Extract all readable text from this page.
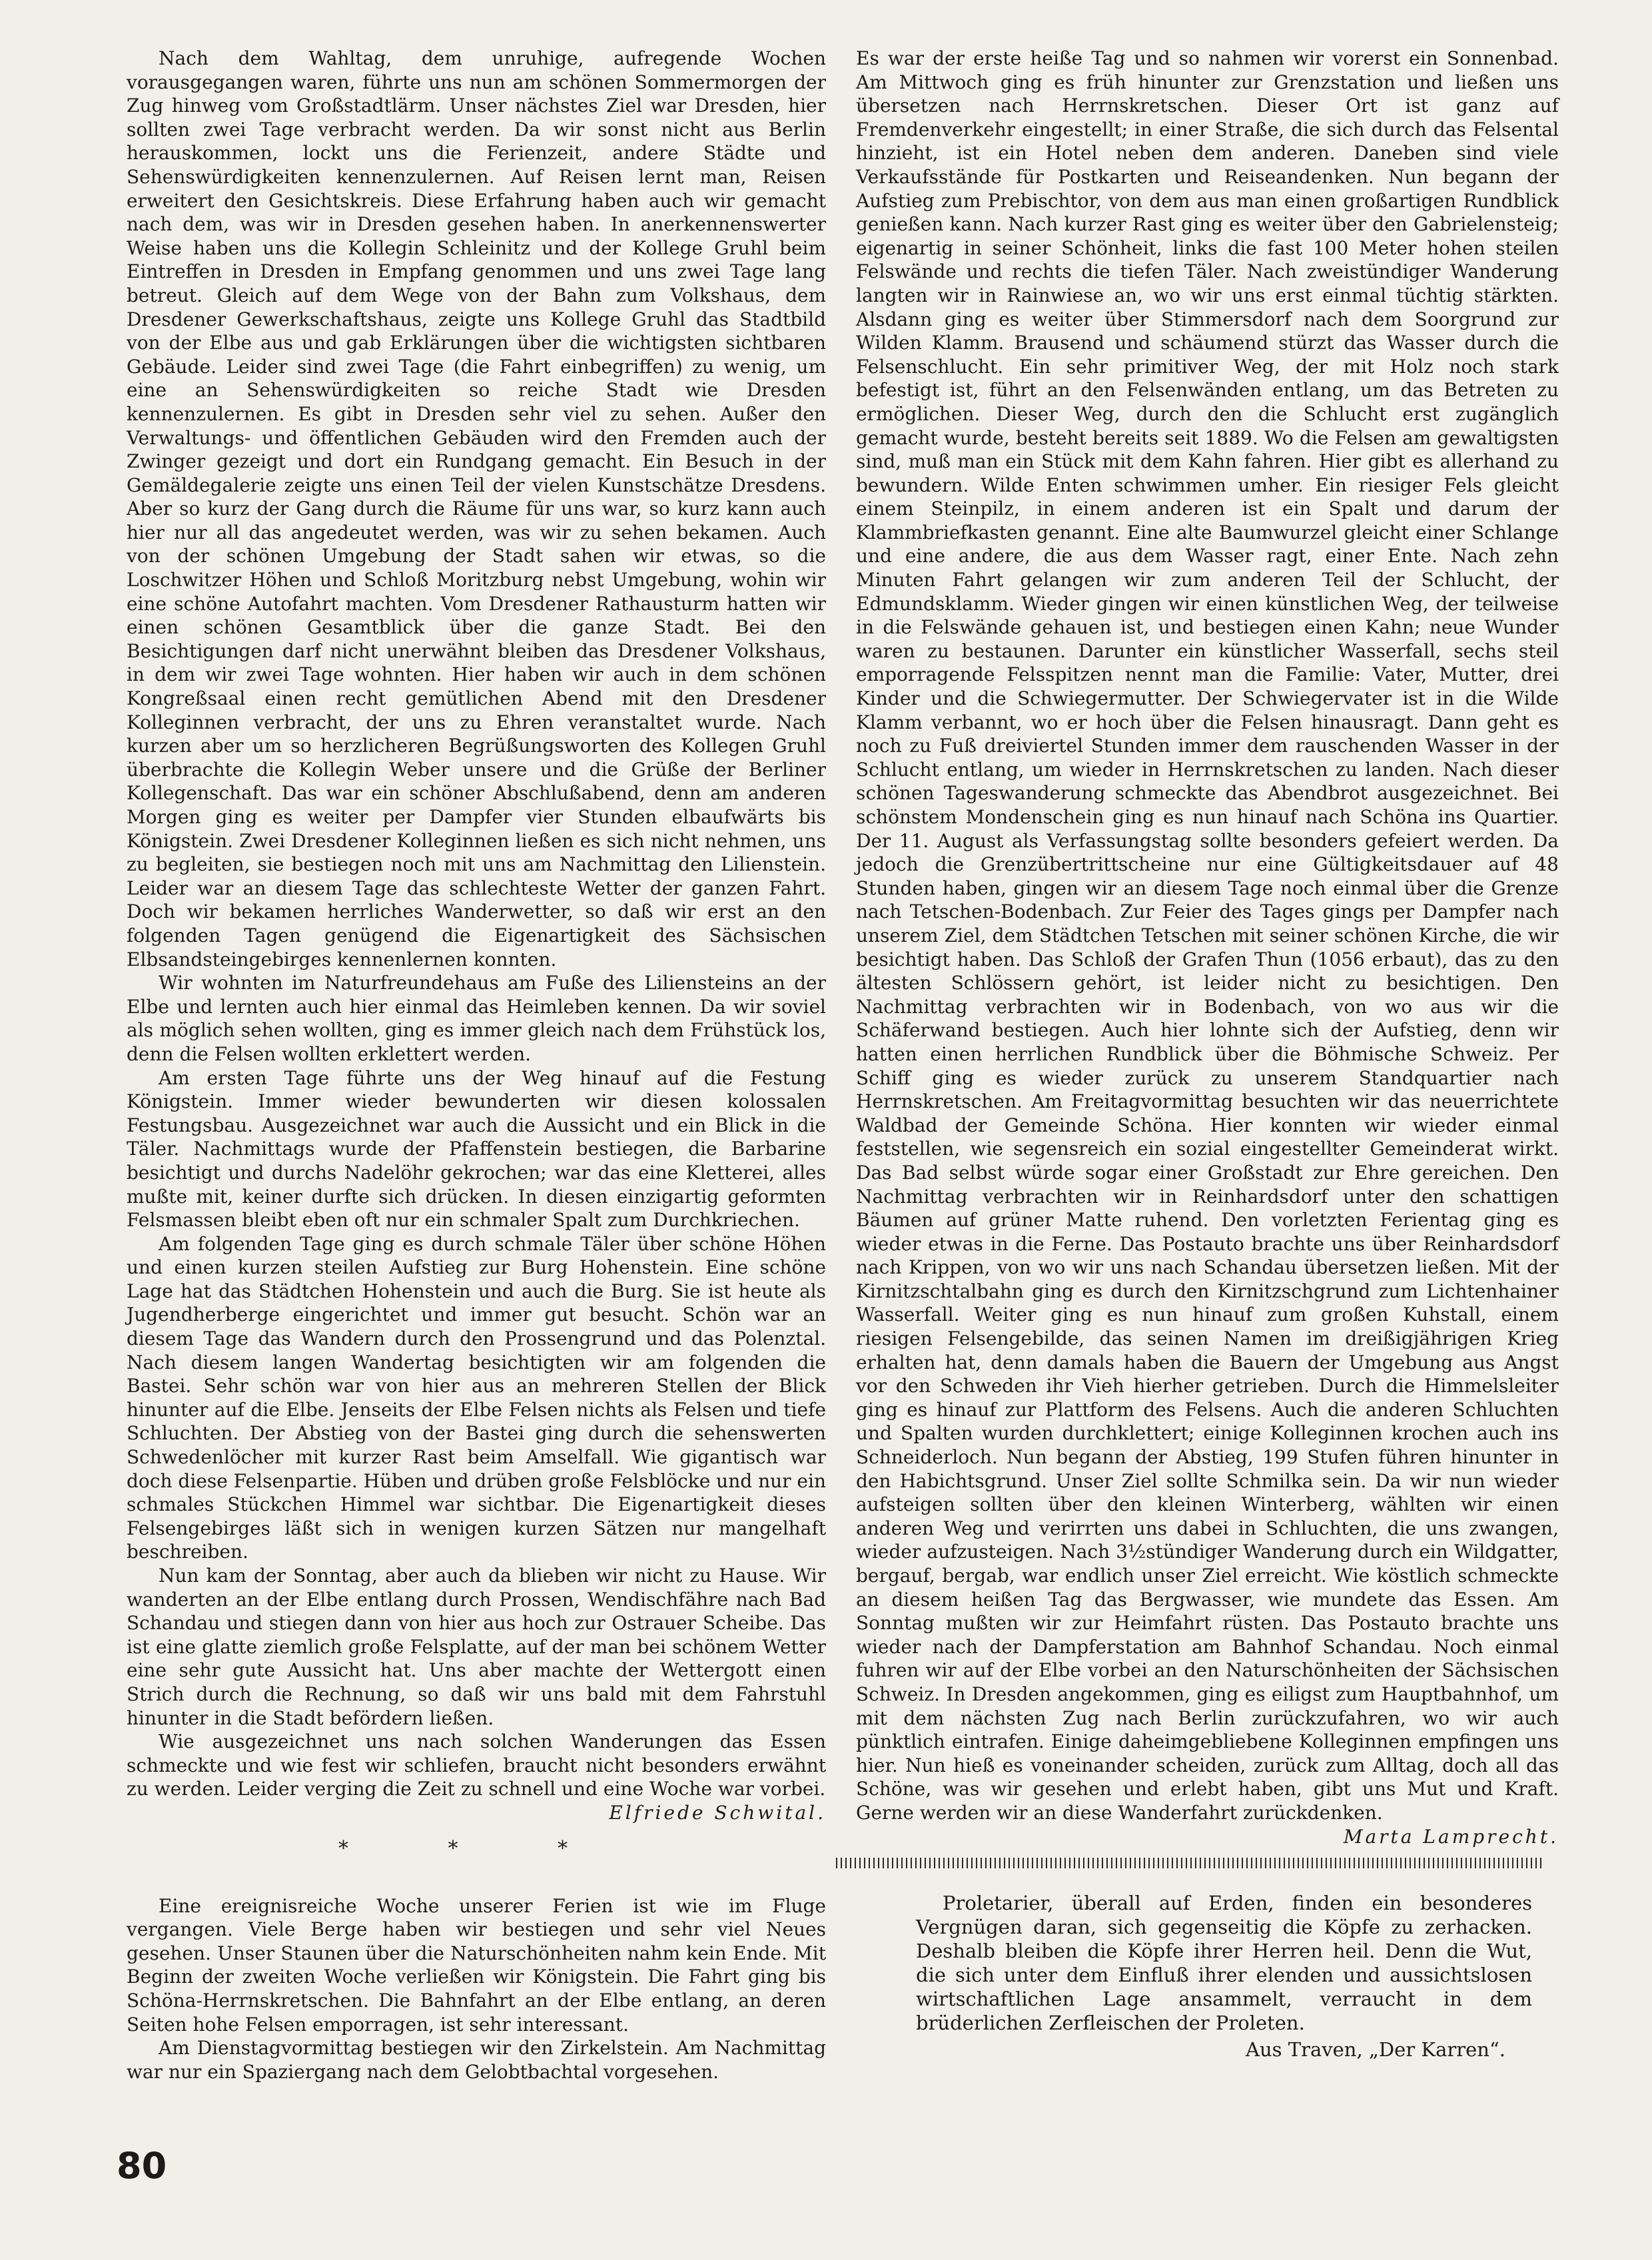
Nach dem Wahltag, dem unruhige, aufregende Wochen vorausgegangen waren, führte uns nun am schönen Sommermorgen der Zug hinweg vom Großstadtlärm. Unser nächstes Ziel war Dresden, hier sollten zwei Tage verbracht werden. Da wir sonst nicht aus Berlin herauskommen, lockt uns die Ferienzeit, andere Städte und Sehenswürdigkeiten kennenzulernen. Auf Reisen lernt man, Reisen erweitert den Gesichtskreis. Diese Erfahrung haben auch wir gemacht nach dem, was wir in Dresden gesehen haben. In anerkennenswerter Weise haben uns die Kollegin Schleinitz und der Kollege Gruhl beim Eintreffen in Dresden in Empfang genommen und uns zwei Tage lang betreut. Gleich auf dem Wege von der Bahn zum Volkshaus, dem Dresdener Gewerkschaftshaus, zeigte uns Kollege Gruhl das Stadtbild von der Elbe aus und gab Erklärungen über die wichtigsten sichtbaren Gebäude. Leider sind zwei Tage (die Fahrt einbegriffen) zu wenig, um eine an Sehenswürdigkeiten so reiche Stadt wie Dresden kennenzulernen. Es gibt in Dresden sehr viel zu sehen. Außer den Verwaltungs- und öffentlichen Gebäuden wird den Fremden auch der Zwinger gezeigt und dort ein Rundgang gemacht. Ein Besuch in der Gemäldegalerie zeigte uns einen Teil der vielen Kunstschätze Dresdens. Aber so kurz der Gang durch die Räume für uns war, so kurz kann auch hier nur all das angedeutet werden, was wir zu sehen bekamen. Auch von der schönen Umgebung der Stadt sahen wir etwas, so die Loschwitzer Höhen und Schloß Moritzburg nebst Umgebung, wohin wir eine schöne Autofahrt machten. Vom Dresdener Rathausturm hatten wir einen schönen Gesamtblick über die ganze Stadt. Bei den Besichtigungen darf nicht unerwähnt bleiben das Dresdener Volkshaus, in dem wir zwei Tage wohnten. Hier haben wir auch in dem schönen Kongreßsaal einen recht gemütlichen Abend mit den Dresdener Kolleginnen verbracht, der uns zu Ehren veranstaltet wurde. Nach kurzen aber um so herzlicheren Begrüßungsworten des Kollegen Gruhl überbrachte die Kollegin Weber unsere und die Grüße der Berliner Kollegenschaft. Das war ein schöner Abschlußabend, denn am anderen Morgen ging es weiter per Dampfer vier Stunden elbaufwärts bis Königstein. Zwei Dresdener Kolleginnen ließen es sich nicht nehmen, uns zu begleiten, sie bestiegen noch mit uns am Nachmittag den Lilienstein. Leider war an diesem Tage das schlechteste Wetter der ganzen Fahrt. Doch wir bekamen herrliches Wanderwetter, so daß wir erst an den folgenden Tagen genügend die Eigenartigkeit des Sächsischen Elbsandsteingebirges kennenlernen konnten.

Wir wohnten im Naturfreundehaus am Fuße des Liliensteins an der Elbe und lernten auch hier einmal das Heimleben kennen. Da wir soviel als möglich sehen wollten, ging es immer gleich nach dem Frühstück los, denn die Felsen wollten erklettert werden.

Am ersten Tage führte uns der Weg hinauf auf die Festung Königstein. Immer wieder bewunderten wir diesen kolossalen Festungsbau. Ausgezeichnet war auch die Aussicht und ein Blick in die Täler. Nachmittags wurde der Pfaffenstein bestiegen, die Barbarine besichtigt und durchs Nadelöhr gekrochen; war das eine Kletterei, alles mußte mit, keiner durfte sich drücken. In diesen einzigartig geformten Felsmassen bleibt eben oft nur ein schmaler Spalt zum Durchkriechen.

Am folgenden Tage ging es durch schmale Täler über schöne Höhen und einen kurzen steilen Aufstieg zur Burg Hohenstein. Eine schöne Lage hat das Städtchen Hohenstein und auch die Burg. Sie ist heute als Jugendherberge eingerichtet und immer gut besucht. Schön war an diesem Tage das Wandern durch den Prossengrund und das Polenztal. Nach diesem langen Wandertag besichtigten wir am folgenden die Bastei. Sehr schön war von hier aus an mehreren Stellen der Blick hinunter auf die Elbe. Jenseits der Elbe Felsen nichts als Felsen und tiefe Schluchten. Der Abstieg von der Bastei ging durch die sehenswerten Schwedenlöcher mit kurzer Rast beim Amselfall. Wie gigantisch war doch diese Felsenpartie. Hüben und drüben große Felsblöcke und nur ein schmales Stückchen Himmel war sichtbar. Die Eigenartigkeit dieses Felsengebirges läßt sich in wenigen kurzen Sätzen nur mangelhaft beschreiben.

Nun kam der Sonntag, aber auch da blieben wir nicht zu Hause. Wir wanderten an der Elbe entlang durch Prossen, Wendischfähre nach Bad Schandau und stiegen dann von hier aus hoch zur Ostrauer Scheibe. Das ist eine glatte ziemlich große Felsplatte, auf der man bei schönem Wetter eine sehr gute Aussicht hat. Uns aber machte der Wettergott einen Strich durch die Rechnung, so daß wir uns bald mit dem Fahrstuhl hinunter in die Stadt befördern ließen.

Wie ausgezeichnet uns nach solchen Wanderungen das Essen schmeckte und wie fest wir schliefen, braucht nicht besonders erwähnt zu werden. Leider verging die Zeit zu schnell und eine Woche war vorbei.

Elfriede Schwital.
* * *

Eine ereignisreiche Woche unserer Ferien ist wie im Fluge vergangen. Viele Berge haben wir bestiegen und sehr viel Neues gesehen. Unser Staunen über die Naturschönheiten nahm kein Ende. Mit Beginn der zweiten Woche verließen wir Königstein. Die Fahrt ging bis Schöna-Herrnskretschen. Die Bahnfahrt an der Elbe entlang, an deren Seiten hohe Felsen emporragen, ist sehr interessant.

Am Dienstagvormittag bestiegen wir den Zirkelstein. Am Nachmittag war nur ein Spaziergang nach dem Gelobtbachtal vorgesehen.

Es war der erste heiße Tag und so nahmen wir vorerst ein Sonnenbad. Am Mittwoch ging es früh hinunter zur Grenzstation und ließen uns übersetzen nach Herrnskretschen. Dieser Ort ist ganz auf Fremdenverkehr eingestellt; in einer Straße, die sich durch das Felsental hinzieht, ist ein Hotel neben dem anderen. Daneben sind viele Verkaufsstände für Postkarten und Reiseandenken. Nun begann der Aufstieg zum Prebischtor, von dem aus man einen großartigen Rundblick genießen kann. Nach kurzer Rast ging es weiter über den Gabrielensteig; eigenartig in seiner Schönheit, links die fast 100 Meter hohen steilen Felswände und rechts die tiefen Täler. Nach zweistündiger Wanderung langten wir in Rainwiese an, wo wir uns erst einmal tüchtig stärkten. Alsdann ging es weiter über Stimmersdorf nach dem Soorgrund zur Wilden Klamm. Brausend und schäumend stürzt das Wasser durch die Felsenschlucht. Ein sehr primitiver Weg, der mit Holz noch stark befestigt ist, führt an den Felsenwänden entlang, um das Betreten zu ermöglichen. Dieser Weg, durch den die Schlucht erst zugänglich gemacht wurde, besteht bereits seit 1889. Wo die Felsen am gewaltigsten sind, muß man ein Stück mit dem Kahn fahren. Hier gibt es allerhand zu bewundern. Wilde Enten schwimmen umher. Ein riesiger Fels gleicht einem Steinpilz, in einem anderen ist ein Spalt und darum der Klammbriefkasten genannt. Eine alte Baumwurzel gleicht einer Schlange und eine andere, die aus dem Wasser ragt, einer Ente. Nach zehn Minuten Fahrt gelangen wir zum anderen Teil der Schlucht, der Edmundsklamm. Wieder gingen wir einen künstlichen Weg, der teilweise in die Felswände gehauen ist, und bestiegen einen Kahn; neue Wunder waren zu bestaunen. Darunter ein künstlicher Wasserfall, sechs steil emporragende Felsspitzen nennt man die Familie: Vater, Mutter, drei Kinder und die Schwiegermutter. Der Schwiegervater ist in die Wilde Klamm verbannt, wo er hoch über die Felsen hinausragt. Dann geht es noch zu Fuß dreiviertel Stunden immer dem rauschenden Wasser in der Schlucht entlang, um wieder in Herrnskretschen zu landen. Nach dieser schönen Tageswanderung schmeckte das Abendbrot ausgezeichnet. Bei schönstem Mondenschein ging es nun hinauf nach Schöna ins Quartier. Der 11. August als Verfassungstag sollte besonders gefeiert werden. Da jedoch die Grenzübertrittscheine nur eine Gültigkeitsdauer auf 48 Stunden haben, gingen wir an diesem Tage noch einmal über die Grenze nach Tetschen-Bodenbach. Zur Feier des Tages gings per Dampfer nach unserem Ziel, dem Städtchen Tetschen mit seiner schönen Kirche, die wir besichtigt haben. Das Schloß der Grafen Thun (1056 erbaut), das zu den ältesten Schlössern gehört, ist leider nicht zu besichtigen. Den Nachmittag verbrachten wir in Bodenbach, von wo aus wir die Schäferwand bestiegen. Auch hier lohnte sich der Aufstieg, denn wir hatten einen herrlichen Rundblick über die Böhmische Schweiz. Per Schiff ging es wieder zurück zu unserem Standquartier nach Herrnskretschen. Am Freitagvormittag besuchten wir das neuerrichtete Waldbad der Gemeinde Schöna. Hier konnten wir wieder einmal feststellen, wie segensreich ein sozial eingestellter Gemeinderat wirkt. Das Bad selbst würde sogar einer Großstadt zur Ehre gereichen. Den Nachmittag verbrachten wir in Reinhardsdorf unter den schattigen Bäumen auf grüner Matte ruhend. Den vorletzten Ferientag ging es wieder etwas in die Ferne. Das Postauto brachte uns über Reinhardsdorf nach Krippen, von wo wir uns nach Schandau übersetzen ließen. Mit der Kirnitzschtalbahn ging es durch den Kirnitzschgrund zum Lichtenhainer Wasserfall. Weiter ging es nun hinauf zum großen Kuhstall, einem riesigen Felsengebilde, das seinen Namen im dreißigjährigen Krieg erhalten hat, denn damals haben die Bauern der Umgebung aus Angst vor den Schweden ihr Vieh hierher getrieben. Durch die Himmelsleiter ging es hinauf zur Plattform des Felsens. Auch die anderen Schluchten und Spalten wurden durchklettert; einige Kolleginnen krochen auch ins Schneiderloch. Nun begann der Abstieg, 199 Stufen führen hinunter in den Habichtsgrund. Unser Ziel sollte Schmilka sein. Da wir nun wieder aufsteigen sollten über den kleinen Winterberg, wählten wir einen anderen Weg und verirrten uns dabei in Schluchten, die uns zwangen, wieder aufzusteigen. Nach 3½stündiger Wanderung durch ein Wildgatter, bergauf, bergab, war endlich unser Ziel erreicht. Wie köstlich schmeckte an diesem heißen Tag das Bergwasser, wie mundete das Essen. Am Sonntag mußten wir zur Heimfahrt rüsten. Das Postauto brachte uns wieder nach der Dampferstation am Bahnhof Schandau. Noch einmal fuhren wir auf der Elbe vorbei an den Naturschönheiten der Sächsischen Schweiz. In Dresden angekommen, ging es eiligst zum Hauptbahnhof, um mit dem nächsten Zug nach Berlin zurückzufahren, wo wir auch pünktlich eintrafen. Einige daheimgebliebene Kolleginnen empfingen uns hier. Nun hieß es voneinander scheiden, zurück zum Alltag, doch all das Schöne, was wir gesehen und erlebt haben, gibt uns Mut und Kraft. Gerne werden wir an diese Wanderfahrt zurückdenken.

Marta Lamprecht.

Proletarier, überall auf Erden, finden ein besonderes Vergnügen daran, sich gegenseitig die Köpfe zu zerhacken. Deshalb bleiben die Köpfe ihrer Herren heil. Denn die Wut, die sich unter dem Einfluß ihrer elenden und aussichtslosen wirtschaftlichen Lage ansammelt, verraucht in dem brüderlichen Zerfleischen der Proleten.

Aus Traven, „Der Karren“.
80
